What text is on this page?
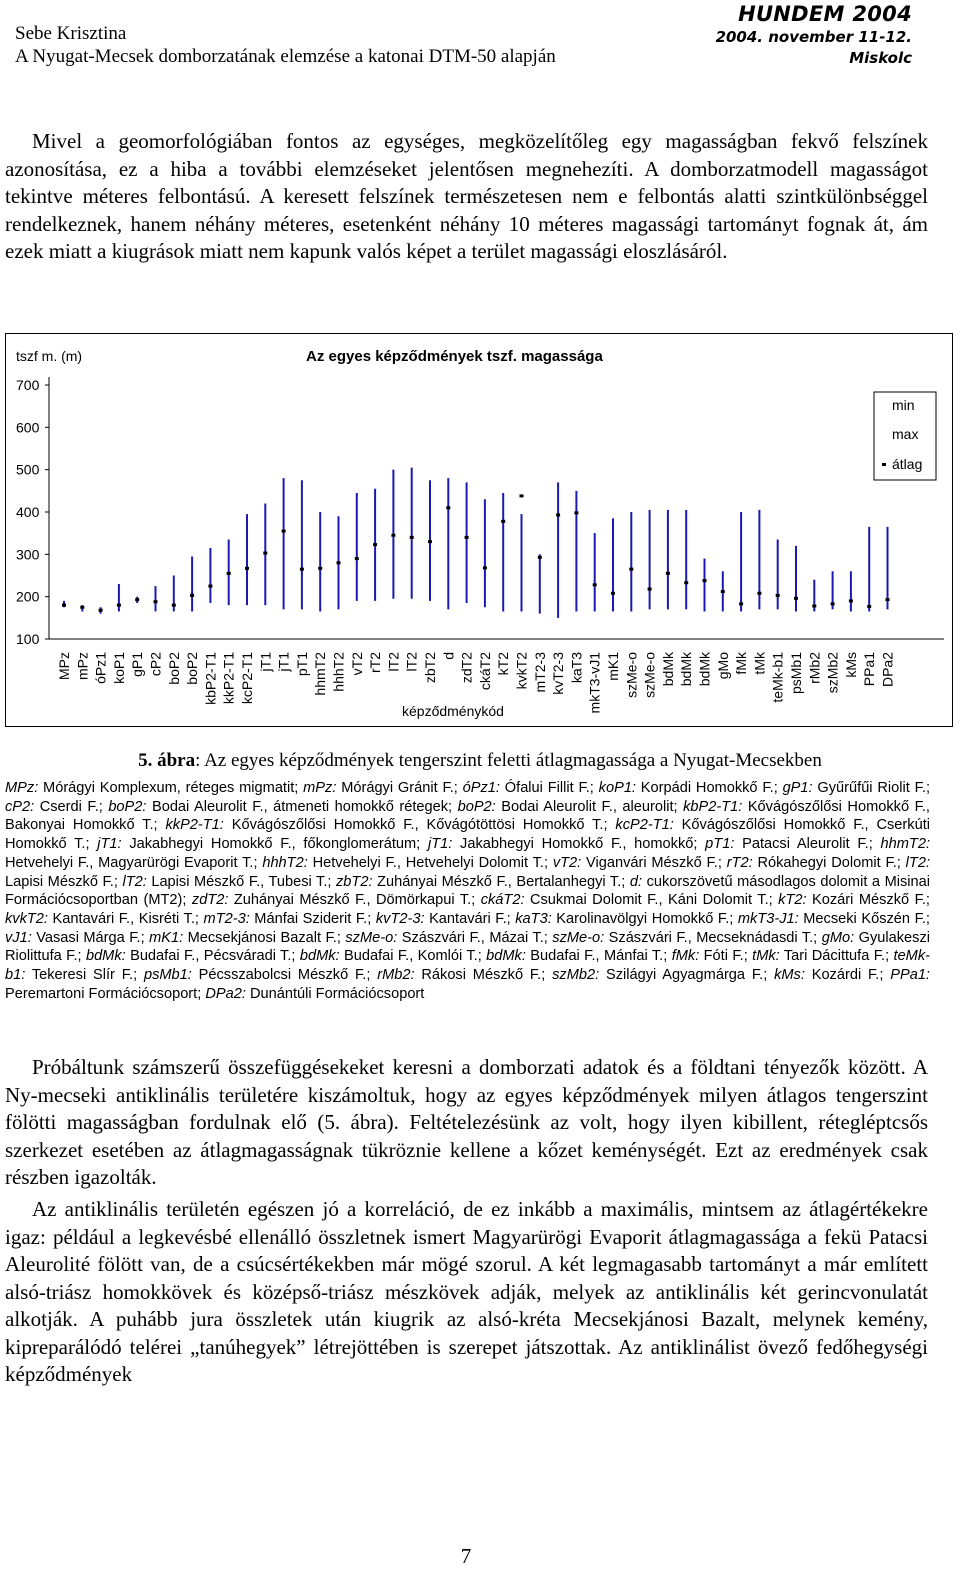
Sebe Krisztina
A Nyugat-Mecsek domborzatának elemzése a katonai DTM-50 alapján
HUNDEM 2004
2004. november 11-12.
Miskolc

Mivel a geomorfológiában fontos az egységes, megközelítőleg egy magasságban fekvő felszínek azonosítása, ez a hiba a további elemzéseket jelentősen megnehezíti. A domborzatmodell magasságot tekintve méteres felbontású. A keresett felszínek természetesen nem e felbontás alatti szintkülönbséggel rendelkeznek, hanem néhány méteres, esetenként néhány 10 méteres magassági tartományt fognak át, ám ezek miatt a kiugrások miatt nem kapunk valós képet a terület magassági eloszlásáról.

100
200
300
400
500
600
700
tszf m. (m)	Az egyes képződmények tszf. magassága
képződménykód
MPz mPz óPz1 koP1 gP1 cP2 boP2 boP2 kbP2-T1 kkP2-T1 kcP2-T1 jT1 jT1 pT1 hhmT2 hhhT2 vT2 rT2 lT2 lT2 zbT2 d zdT2 ckáT2 kT2 kvkT2 mT2-3 kvT2-3 kaT3 mkT3-vJ1 mK1 szMe-o szMe-o bdMk bdMk bdMk gMo fMk tMk teMk-b1 psMb1 rMb2 szMb2 kMs PPa1 DPa2
min
max
átlag
5. ábra: Az egyes képződmények tengerszint feletti átlagmagassága a Nyugat-Mecsekben

MPz: Mórágyi Komplexum, réteges migmatit; mPz: Mórágyi Gránit F.; óPz1: Ófalui Fillit F.; koP1: Korpádi Homokkő F.; gP1: Gyűrűfűi Riolit F.; cP2: Cserdi F.; boP2: Bodai Aleurolit F., átmeneti homokkő rétegek; boP2: Bodai Aleurolit F., aleurolit; kbP2-T1: Kővágószőlősi Homokkő F., Bakonyai Homokkő T.; kkP2-T1: Kővágószőlősi Homokkő F., Kővágótöttösi Homokkő T.; kcP2-T1: Kővágószőlősi Homokkő F., Cserkúti Homokkő T.; jT1: Jakabhegyi Homokkő F., főkonglomerátum; jT1: Jakabhegyi Homokkő F., homokkő; pT1: Patacsi Aleurolit F.; hhmT2: Hetvehelyi F., Magyarürögi Evaporit T.; hhhT2: Hetvehelyi F., Hetvehelyi Dolomit T.; vT2: Viganvári Mészkő F.; rT2: Rókahegyi Dolomit F.; lT2: Lapisi Mészkő F.; lT2: Lapisi Mészkő F., Tubesi T.; zbT2: Zuhányai Mészkő F., Bertalanhegyi T.; d: cukorszövetű másodlagos dolomit a Misinai Formációcsoportban (MT2); zdT2: Zuhányai Mészkő F., Dömörkapui T.; ckáT2: Csukmai Dolomit F., Káni Dolomit T.; kT2: Kozári Mészkő F.; kvkT2: Kantavári F., Kisréti T.; mT2-3: Mánfai Sziderit F.; kvT2-3: Kantavári F.; kaT3: Karolinavölgyi Homokkő F.; mkT3-J1: Mecseki Kőszén F.; vJ1: Vasasi Márga F.; mK1: Mecsekjánosi Bazalt F.; szMe-o: Szászvári F., Mázai T.; szMe-o: Szászvári F., Mecseknádasdi T.; gMo: Gyulakeszi Riolittufa F.; bdMk: Budafai F., Pécsváradi T.; bdMk: Budafai F., Komlói T.; bdMk: Budafai F., Mánfai T.; fMk: Fóti F.; tMk: Tari Dácittufa F.; teMk-b1: Tekeresi Slír F.; psMb1: Pécsszabolcsi Mészkő F.; rMb2: Rákosi Mészkő F.; szMb2: Szilágyi Agyagmárga F.; kMs: Kozárdi F.; PPa1: Peremartoni Formációcsoport; DPa2: Dunántúli Formációcsoport

Próbáltunk számszerű összefüggésekeket keresni a domborzati adatok és a földtani tényezők között. A Ny-mecseki antiklinális területére kiszámoltuk, hogy az egyes képződmények milyen átlagos tengerszint fölötti magasságban fordulnak elő (5. ábra). Feltételezésünk az volt, hogy ilyen kibillent, rétegléptcsős szerkezet esetében az átlagmagasságnak tükröznie kellene a kőzet keménységét. Ezt az eredmények csak részben igazolták.

Az antiklinális területén egészen jó a korreláció, de ez inkább a maximális, mintsem az átlagértékekre igaz: például a legkevésbé ellenálló összletnek ismert Magyarürögi Evaporit átlagmagassága a fekü Patacsi Aleurolité fölött van, de a csúcsértékekben már mögé szorul. A két legmagasabb tartományt a már említett alsó-triász homokkövek és középső-triász mészkövek adják, melyek az antiklinális két gerincvonulatát alkotják. A puhább jura összletek után kiugrik az alsó-kréta Mecsekjánosi Bazalt, melynek kemény, kipreparálódó telérei „tanúhegyek” létrejöttében is szerepet játszottak. Az antiklinálist övező fedőhegységi képződmények

7
